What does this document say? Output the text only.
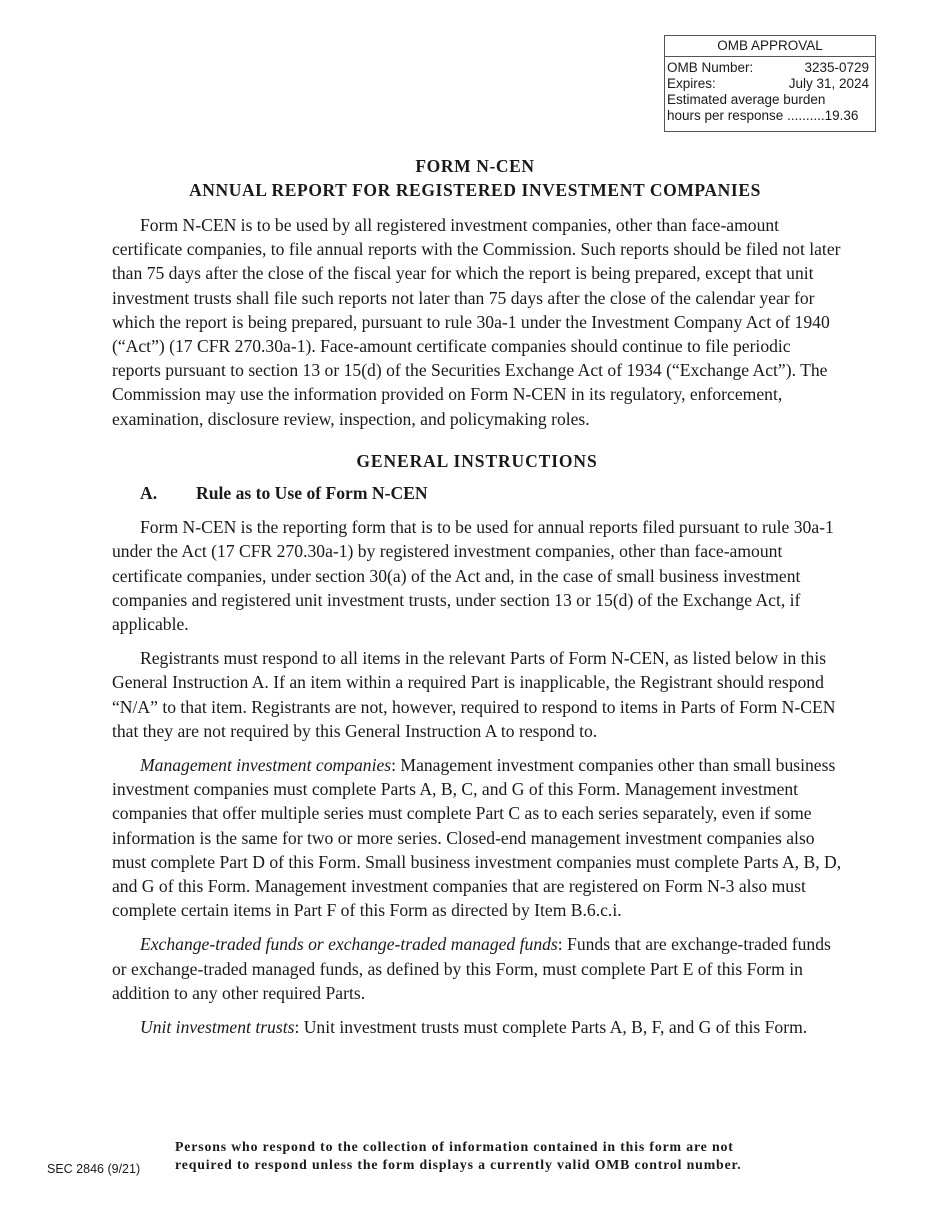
OMB APPROVAL
OMB Number:	3235-0729
Expires:	July 31, 2024
Estimated average burden
hours per response ..........19.36
FORM N-CEN
ANNUAL REPORT FOR REGISTERED INVESTMENT COMPANIES

Form N-CEN is to be used by all registered investment companies, other than face-amount certificate companies, to file annual reports with the Commission. Such reports should be filed not later than 75 days after the close of the fiscal year for which the report is being prepared, except that unit investment trusts shall file such reports not later than 75 days after the close of the calendar year for which the report is being prepared, pursuant to rule 30a-1 under the Investment Company Act of 1940 (“Act”) (17 CFR 270.30a-1). Face-amount certificate companies should continue to file periodic reports pursuant to section 13 or 15(d) of the Securities Exchange Act of 1934 (“Exchange Act”). The Commission may use the information provided on Form N-CEN in its regulatory, enforcement, examination, disclosure review, inspection, and policymaking roles.

GENERAL INSTRUCTIONS
A.	Rule as to Use of Form N-CEN

Form N-CEN is the reporting form that is to be used for annual reports filed pursuant to rule 30a-1 under the Act (17 CFR 270.30a-1) by registered investment companies, other than face-amount certificate companies, under section 30(a) of the Act and, in the case of small business investment companies and registered unit investment trusts, under section 13 or 15(d) of the Exchange Act, if applicable.

Registrants must respond to all items in the relevant Parts of Form N-CEN, as listed below in this General Instruction A. If an item within a required Part is inapplicable, the Registrant should respond “N/A” to that item. Registrants are not, however, required to respond to items in Parts of Form N-CEN that they are not required by this General Instruction A to respond to.

Management investment companies: Management investment companies other than small business investment companies must complete Parts A, B, C, and G of this Form. Management investment companies that offer multiple series must complete Part C as to each series separately, even if some information is the same for two or more series. Closed-end management investment companies also must complete Part D of this Form. Small business investment companies must complete Parts A, B, D, and G of this Form. Management investment companies that are registered on Form N-3 also must complete certain items in Part F of this Form as directed by Item B.6.c.i.

Exchange-traded funds or exchange-traded managed funds: Funds that are exchange-traded funds or exchange-traded managed funds, as defined by this Form, must complete Part E of this Form in addition to any other required Parts.

Unit investment trusts: Unit investment trusts must complete Parts A, B, F, and G of this Form.

SEC 2846 (9/21)
Persons who respond to the collection of information contained in this form are not
required to respond unless the form displays a currently valid OMB control number.
